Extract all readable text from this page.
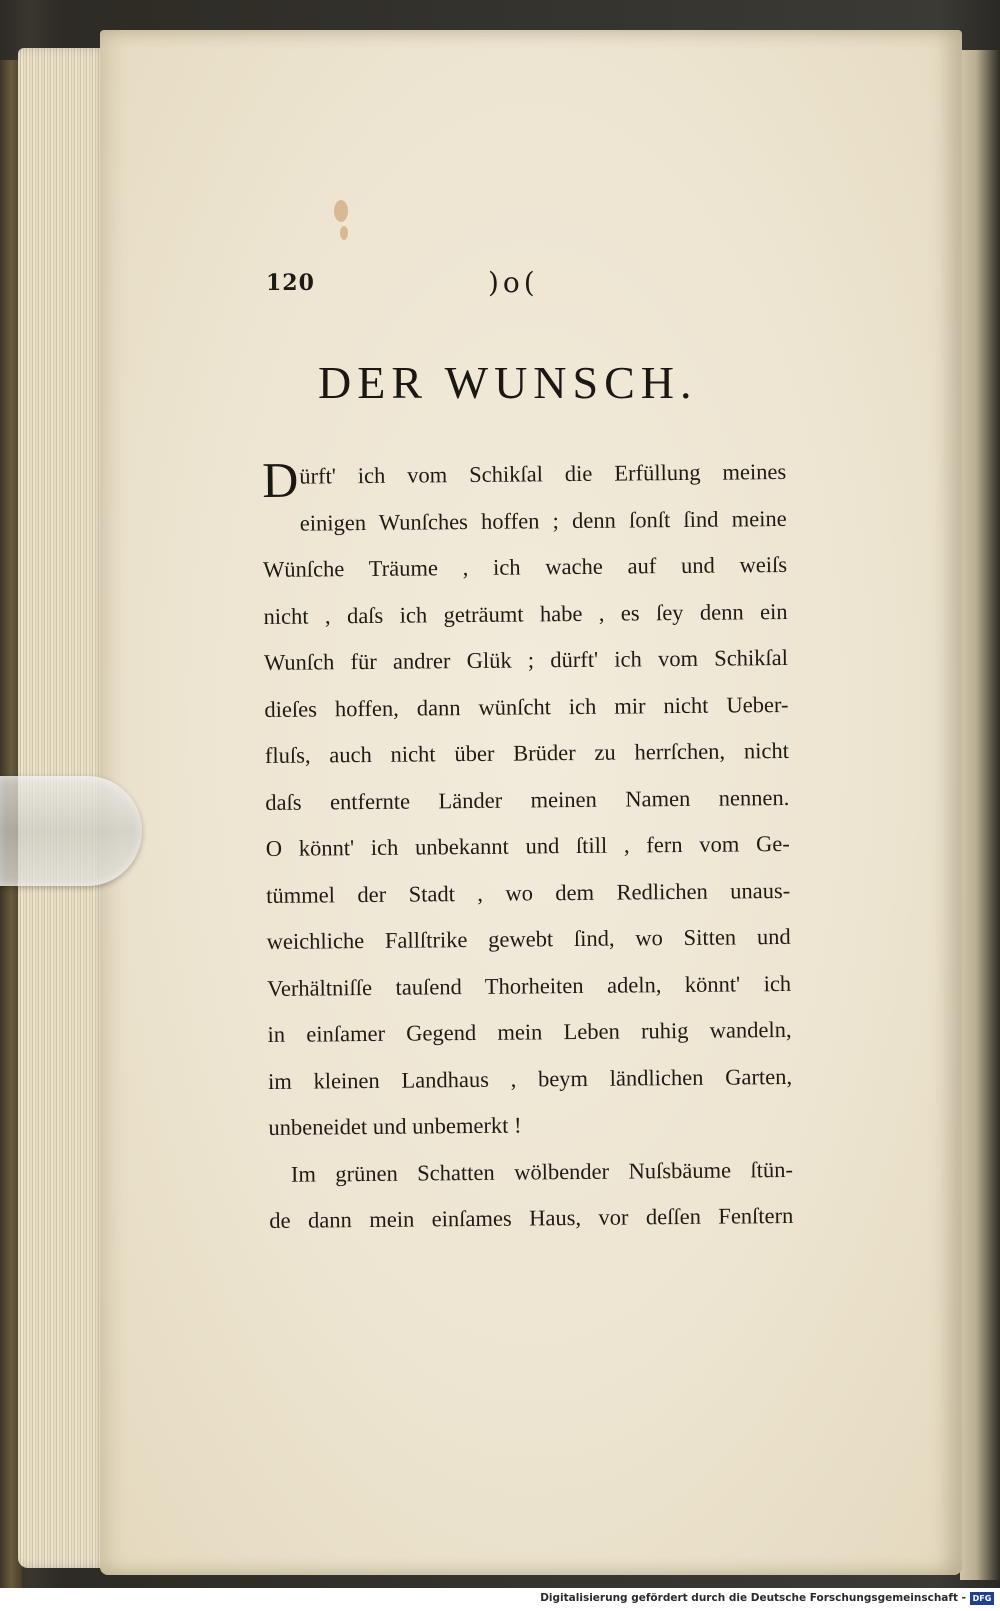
120	)o(
DER WUNSCH.
D ürft' ich vom Schikſal die Erfüllung meines
einigen Wunſches hoffen ; denn ſonſt ſind meine
Wünſche Träume , ich wache auf und weiſs
nicht , daſs ich geträumt habe , es ſey denn ein
Wunſch für andrer Glük ; dürft' ich vom Schikſal
dieſes hoffen, dann wünſcht ich mir nicht Ueber-
fluſs, auch nicht über Brüder zu herrſchen, nicht
daſs entfernte Länder meinen Namen nennen.
O könnt' ich unbekannt und ſtill , fern vom Ge-
tümmel der Stadt , wo dem Redlichen unaus-
weichliche Fallſtrike gewebt ſind, wo Sitten und
Verhältniſſe tauſend Thorheiten adeln, könnt' ich
in einſamer Gegend mein Leben ruhig wandeln,
im kleinen Landhaus , beym ländlichen Garten,
unbeneidet und unbemerkt !
Im grünen Schatten wölbender Nuſsbäume ſtün-
de dann mein einſames Haus, vor deſſen Fenſtern
Digitalisierung gefördert durch die Deutsche Forschungsgemeinschaft - DFG
